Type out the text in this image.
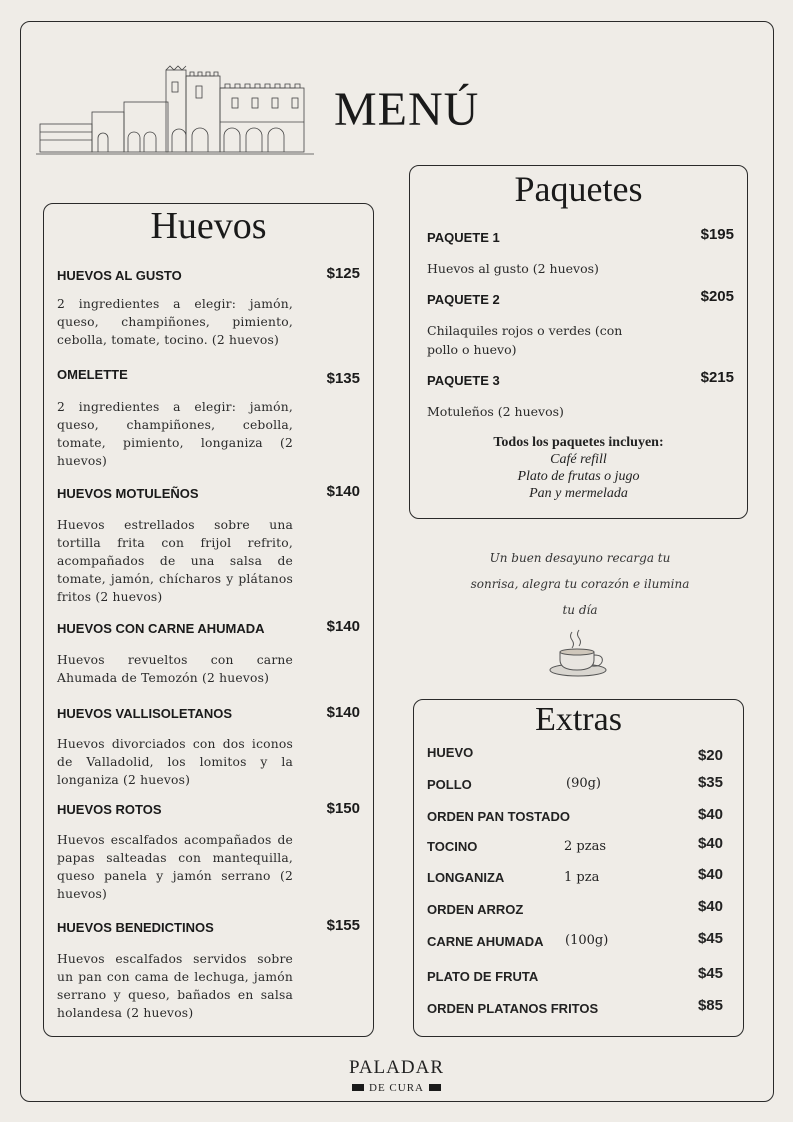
MENÚ
Huevos
HUEVOS AL GUSTO	$125
2 ingredientes a elegir: jamón, queso, champiñones, pimiento, cebolla, tomate, tocino. (2 huevos)
OMELETTE	$135
2 ingredientes a elegir: jamón, queso, champiñones, cebolla, tomate, pimiento, longaniza (2 huevos)
HUEVOS MOTULEÑOS	$140
Huevos estrellados sobre una tortilla frita con frijol refrito, acompañados de una salsa de tomate, jamón, chícharos y plátanos fritos (2 huevos)
HUEVOS CON CARNE AHUMADA	$140
Huevos revueltos con carne Ahumada de Temozón (2 huevos)
HUEVOS VALLISOLETANOS	$140
Huevos divorciados con dos iconos de Valladolid, los lomitos y la longaniza (2 huevos)
HUEVOS ROTOS	$150
Huevos escalfados acompañados de papas salteadas con mantequilla, queso panela y jamón serrano (2 huevos)
HUEVOS BENEDICTINOS	$155
Huevos escalfados servidos sobre un pan con cama de lechuga, jamón serrano y queso, bañados en salsa holandesa (2 huevos)
Paquetes
PAQUETE 1	$195
Huevos al gusto (2 huevos)
PAQUETE 2	$205
Chilaquiles rojos o verdes (con pollo o huevo)
PAQUETE 3	$215
Motuleños (2 huevos)
Todos los paquetes incluyen:
Café refill
Plato de frutas o jugo
Pan y mermelada
Un buen desayuno recarga tu sonrisa, alegra tu corazón e ilumina tu día
Extras
HUEVO	$20
POLLO	(90g)	$35
ORDEN PAN TOSTADO	$40
TOCINO	2 pzas	$40
LONGANIZA	1 pza	$40
ORDEN ARROZ	$40
CARNE AHUMADA (100g)	$45
PLATO DE FRUTA	$45
ORDEN PLATANOS FRITOS	$85
PALADAR
DE CURA
